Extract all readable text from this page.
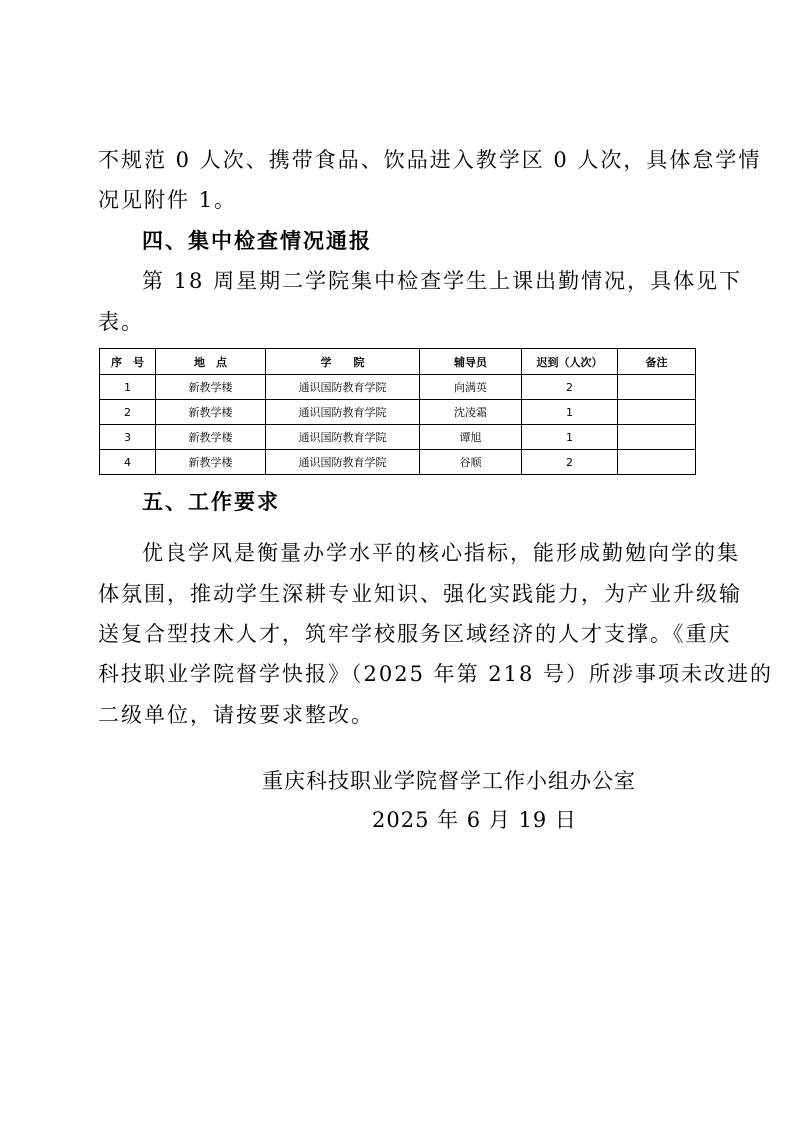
不规范 0 人次、携带食品、饮品进入教学区 0 人次，具体怠学情
况见附件 1。
四、集中检查情况通报
第 18 周星期二学院集中检查学生上课出勤情况，具体见下
表。
序　号	地　点	学　　院	辅导员	迟到（人次）	备注
1	新教学楼	通识国防教育学院	向满英	2	
2	新教学楼	通识国防教育学院	沈凌霜	1	
3	新教学楼	通识国防教育学院	谭旭	1	
4	新教学楼	通识国防教育学院	谷顺	2	
五、工作要求
优良学风是衡量办学水平的核心指标，能形成勤勉向学的集
体氛围，推动学生深耕专业知识、强化实践能力，为产业升级输
送复合型技术人才，筑牢学校服务区域经济的人才支撑。《重庆
科技职业学院督学快报》（2025 年第 218 号）所涉事项未改进的
二级单位，请按要求整改。
重庆科技职业学院督学工作小组办公室
2025 年 6 月 19 日
